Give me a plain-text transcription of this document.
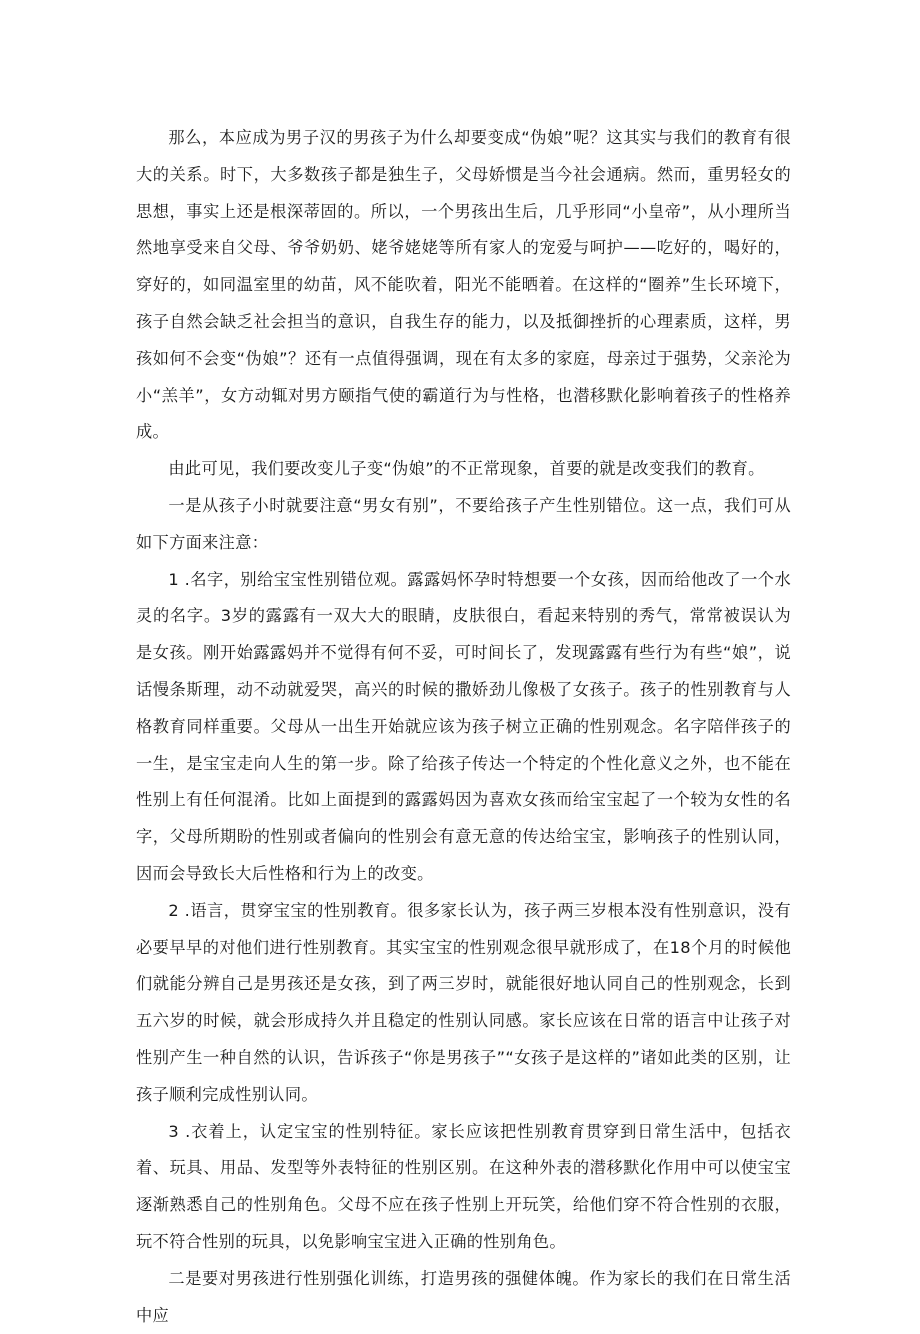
那么，本应成为男子汉的男孩子为什么却要变成“伪娘”呢？这其实与我们的教育有很大的关系。时下，大多数孩子都是独生子，父母娇惯是当今社会通病。然而，重男轻女的思想，事实上还是根深蒂固的。所以，一个男孩出生后，几乎形同“小皇帝”，从小理所当然地享受来自父母、爷爷奶奶、姥爷姥姥等所有家人的宠爱与呵护——吃好的，喝好的，穿好的，如同温室里的幼苗，风不能吹着，阳光不能晒着。在这样的“圈养”生长环境下，孩子自然会缺乏社会担当的意识，自我生存的能力，以及抵御挫折的心理素质，这样，男孩如何不会变“伪娘”？还有一点值得强调，现在有太多的家庭，母亲过于强势，父亲沦为小“羔羊”，女方动辄对男方颐指气使的霸道行为与性格，也潜移默化影响着孩子的性格养成。

由此可见，我们要改变儿子变“伪娘”的不正常现象，首要的就是改变我们的教育。

一是从孩子小时就要注意“男女有别”，不要给孩子产生性别错位。这一点，我们可从如下方面来注意：

1 .名字，别给宝宝性别错位观。露露妈怀孕时特想要一个女孩，因而给他改了一个水灵的名字。3岁的露露有一双大大的眼睛，皮肤很白，看起来特别的秀气，常常被误认为是女孩。刚开始露露妈并不觉得有何不妥，可时间长了，发现露露有些行为有些“娘”，说话慢条斯理，动不动就爱哭，高兴的时候的撒娇劲儿像极了女孩子。孩子的性别教育与人格教育同样重要。父母从一出生开始就应该为孩子树立正确的性别观念。名字陪伴孩子的一生，是宝宝走向人生的第一步。除了给孩子传达一个特定的个性化意义之外，也不能在性别上有任何混淆。比如上面提到的露露妈因为喜欢女孩而给宝宝起了一个较为女性的名字，父母所期盼的性别或者偏向的性别会有意无意的传达给宝宝，影响孩子的性别认同，因而会导致长大后性格和行为上的改变。

2 .语言，贯穿宝宝的性别教育。很多家长认为，孩子两三岁根本没有性别意识，没有必要早早的对他们进行性别教育。其实宝宝的性别观念很早就形成了，在18个月的时候他们就能分辨自己是男孩还是女孩，到了两三岁时，就能很好地认同自己的性别观念，长到五六岁的时候，就会形成持久并且稳定的性别认同感。家长应该在日常的语言中让孩子对性别产生一种自然的认识，告诉孩子“你是男孩子”“女孩子是这样的”诸如此类的区别，让孩子顺利完成性别认同。

3 .衣着上，认定宝宝的性别特征。家长应该把性别教育贯穿到日常生活中，包括衣着、玩具、用品、发型等外表特征的性别区别。在这种外表的潜移默化作用中可以使宝宝逐渐熟悉自己的性别角色。父母不应在孩子性别上开玩笑，给他们穿不符合性别的衣服，玩不符合性别的玩具，以免影响宝宝进入正确的性别角色。

二是要对男孩进行性别强化训练，打造男孩的强健体魄。作为家长的我们在日常生活中应
